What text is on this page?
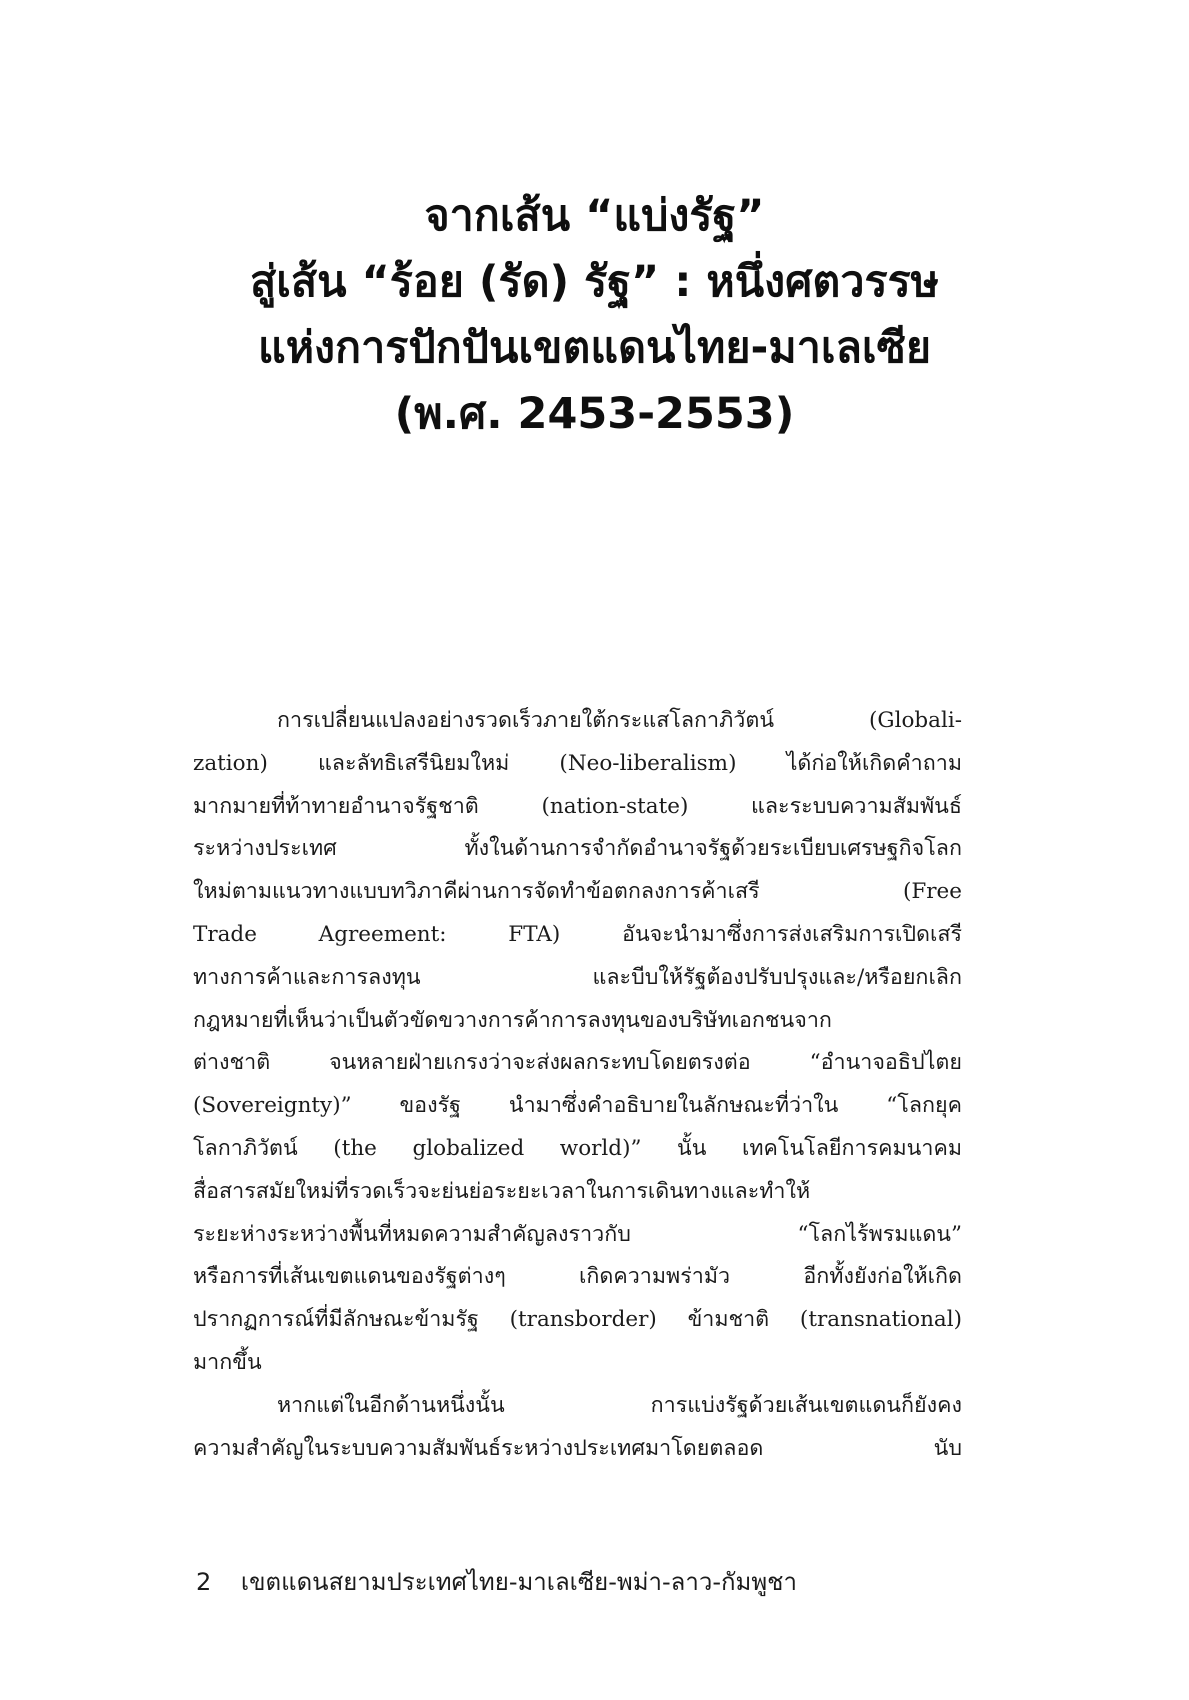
จากเส้น “แบ่งรัฐ”
สู่เส้น “ร้อย (รัด) รัฐ” : หนึ่งศตวรรษ
แห่งการปักปันเขตแดนไทย-มาเลเซีย
(พ.ศ. 2453-2553)
การเปลี่ยนแปลงอย่างรวดเร็วภายใต้กระแสโลกาภิวัตน์ (Globali-
zation) และลัทธิเสรีนิยมใหม่ (Neo-liberalism) ได้ก่อให้เกิดคำถาม
มากมายที่ท้าทายอำนาจรัฐชาติ (nation-state) และระบบความสัมพันธ์
ระหว่างประเทศ ทั้งในด้านการจำกัดอำนาจรัฐด้วยระเบียบเศรษฐกิจโลก
ใหม่ตามแนวทางแบบทวิภาคีผ่านการจัดทำข้อตกลงการค้าเสรี (Free
Trade Agreement: FTA) อันจะนำมาซึ่งการส่งเสริมการเปิดเสรี
ทางการค้าและการลงทุน และบีบให้รัฐต้องปรับปรุงและ/หรือยกเลิก
กฎหมายที่เห็นว่าเป็นตัวขัดขวางการค้าการลงทุนของบริษัทเอกชนจาก
ต่างชาติ จนหลายฝ่ายเกรงว่าจะส่งผลกระทบโดยตรงต่อ “อำนาจอธิปไตย
(Sovereignty)” ของรัฐ นำมาซึ่งคำอธิบายในลักษณะที่ว่าใน “โลกยุค
โลกาภิวัตน์ (the globalized world)” นั้น เทคโนโลยีการคมนาคม
สื่อสารสมัยใหม่ที่รวดเร็วจะย่นย่อระยะเวลาในการเดินทางและทำให้
ระยะห่างระหว่างพื้นที่หมดความสำคัญลงราวกับ “โลกไร้พรมแดน”
หรือการที่เส้นเขตแดนของรัฐต่างๆ เกิดความพร่ามัว อีกทั้งยังก่อให้เกิด
ปรากฏการณ์ที่มีลักษณะข้ามรัฐ (transborder) ข้ามชาติ (transnational)
มากขึ้น
หากแต่ในอีกด้านหนึ่งนั้น การแบ่งรัฐด้วยเส้นเขตแดนก็ยังคง
ความสำคัญในระบบความสัมพันธ์ระหว่างประเทศมาโดยตลอด นับ
2 เขตแดนสยามประเทศไทย-มาเลเซีย-พม่า-ลาว-กัมพูชา
